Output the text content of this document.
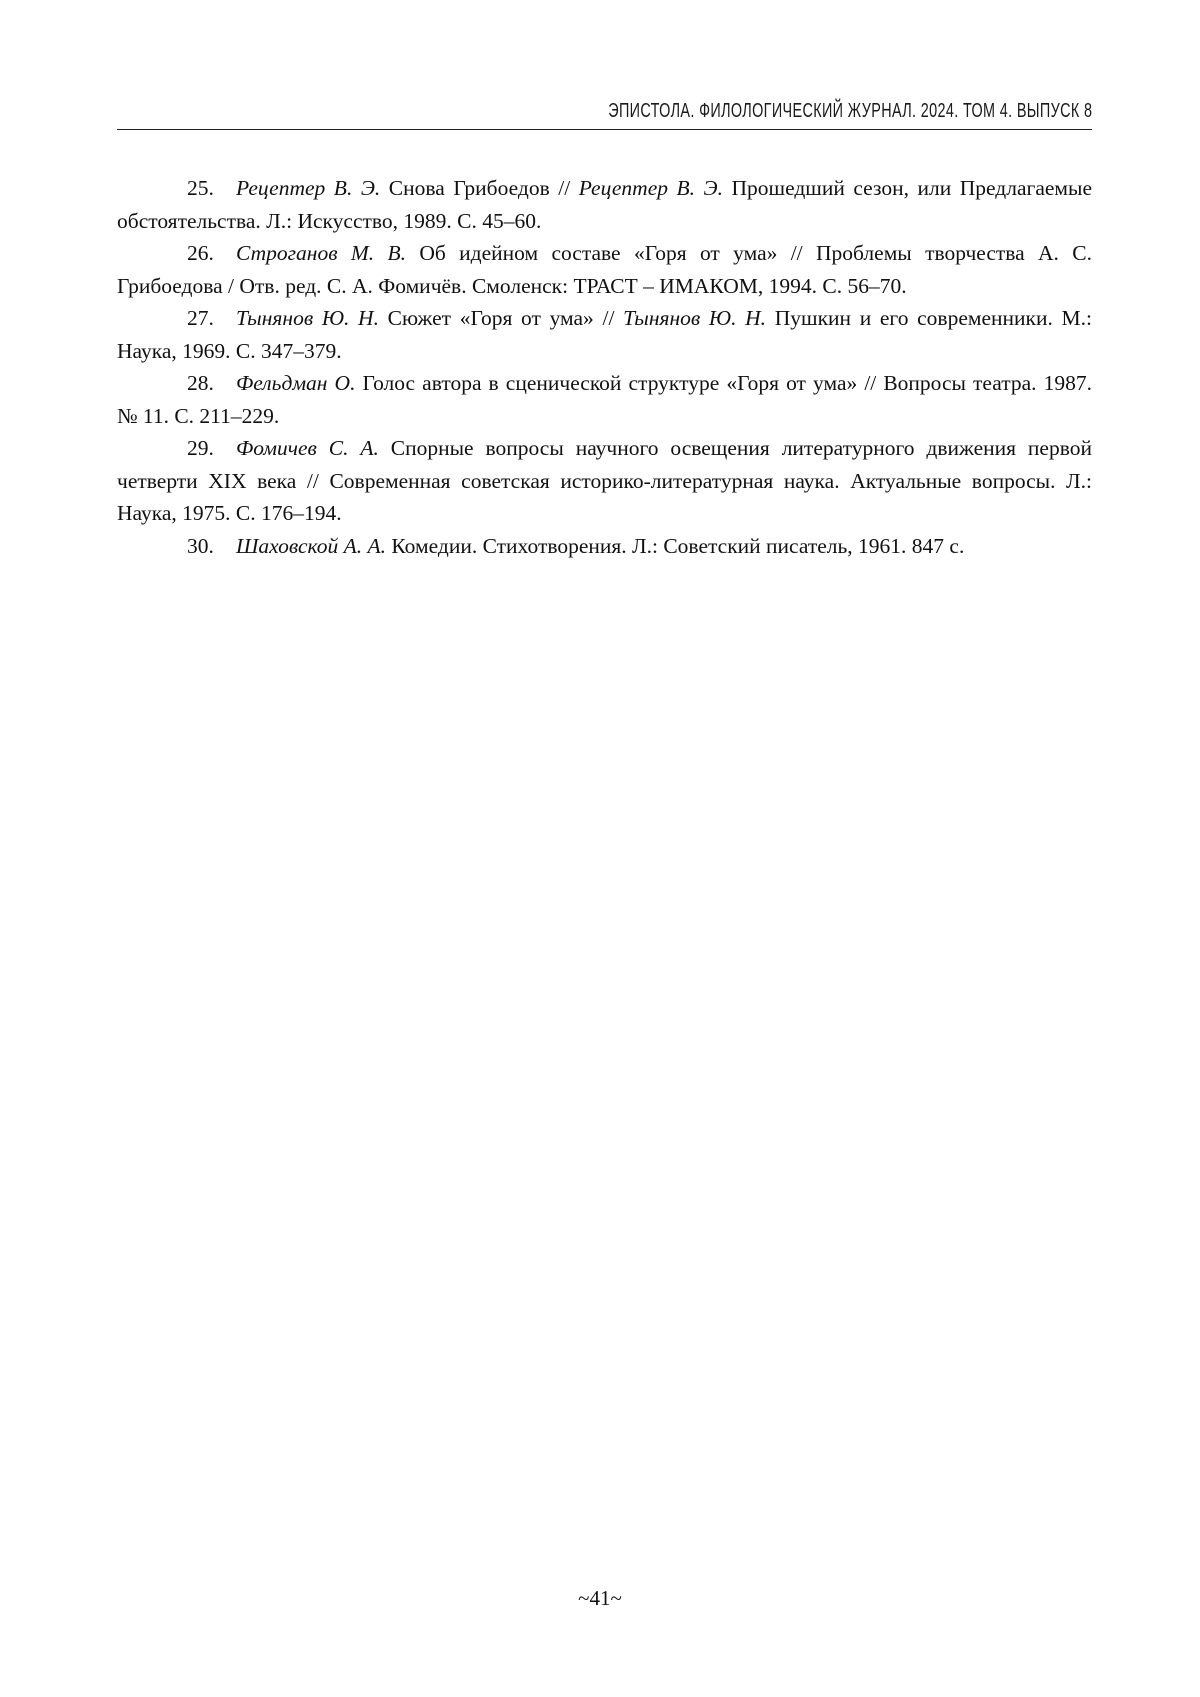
ЭПИСТОЛА. ФИЛОЛОГИЧЕСКИЙ ЖУРНАЛ. 2024. ТОМ 4. ВЫПУСК 8

25. Рецептер В. Э. Снова Грибоедов // Рецептер В. Э. Прошедший сезон, или Предлагаемые обстоятельства. Л.: Искусство, 1989. С. 45–60.

26. Строганов М. В. Об идейном составе «Горя от ума» // Проблемы творчества А. С. Грибоедова / Отв. ред. С. А. Фомичёв. Смоленск: ТРАСТ – ИМАКОМ, 1994. С. 56–70.

27. Тынянов Ю. Н. Сюжет «Горя от ума» // Тынянов Ю. Н. Пушкин и его современники. М.: Наука, 1969. С. 347–379.

28. Фельдман О. Голос автора в сценической структуре «Горя от ума» // Вопросы театра. 1987. № 11. С. 211–229.

29. Фомичев С. А. Спорные вопросы научного освещения литературного движения первой четверти XIX века // Современная советская историко-литературная наука. Актуальные вопросы. Л.: Наука, 1975. С. 176–194.

30. Шаховской А. А. Комедии. Стихотворения. Л.: Советский писатель, 1961. 847 с.

~41~
